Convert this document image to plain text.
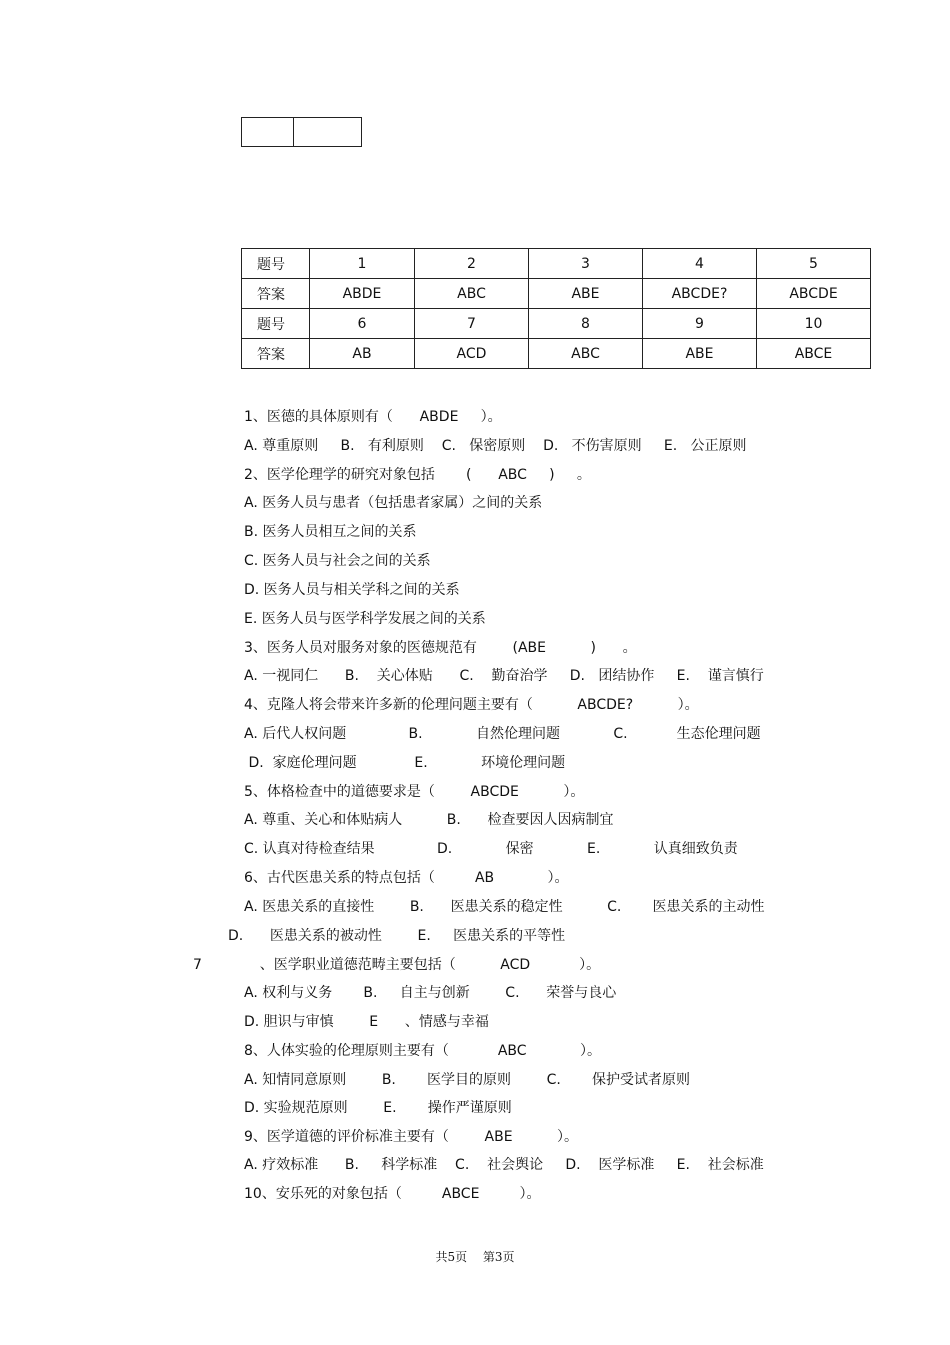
题号	1	2	3	4	5
答案	ABDE	ABC	ABE	ABCDE?	ABCDE
题号	6	7	8	9	10
答案	AB	ACD	ABC	ABE	ABCE
1、医德的具体原则有（      ABDE     ）。
A. 尊重原则     B.   有利原则    C.   保密原则    D.   不伤害原则     E.   公正原则
2、医学伦理学的研究对象包括       (      ABC     )     。
A. 医务人员与患者（包括患者家属）之间的关系
B. 医务人员相互之间的关系
C. 医务人员与社会之间的关系
D. 医务人员与相关学科之间的关系
E. 医务人员与医学科学发展之间的关系
3、医务人员对服务对象的医德规范有        (ABE          )      。
A. 一视同仁      B.    关心体贴      C.    勤奋治学     D.   团结协作     E.    谨言慎行
4、克隆人将会带来许多新的伦理问题主要有（          ABCDE?          ）。
A. 后代人权问题              B.            自然伦理问题            C.           生态伦理问题
D.  家庭伦理问题             E.            环境伦理问题
5、体格检查中的道德要求是（        ABCDE          ）。
A. 尊重、关心和体贴病人          B.      检查要因人因病制宜
C. 认真对待检查结果              D.            保密            E.            认真细致负责
6、古代医患关系的特点包括（         AB            ）。
A. 医患关系的直接性        B.      医患关系的稳定性          C.       医患关系的主动性
D.      医患关系的被动性        E.     医患关系的平等性
7             、医学职业道德范畴主要包括（          ACD           ）。
A. 权利与义务       B.     自主与创新        C.      荣誉与良心
D. 胆识与审慎        E      、情感与幸福
8、人体实验的伦理原则主要有（           ABC            ）。
A. 知情同意原则        B.       医学目的原则        C.       保护受试者原则
D. 实验规范原则        E.       操作严谨原则
9、医学道德的评价标准主要有（        ABE          ）。
A. 疗效标准      B.     科学标准    C.    社会舆论     D.    医学标准     E.    社会标准
10、安乐死的对象包括（         ABCE         ）。
共5页 第3页
